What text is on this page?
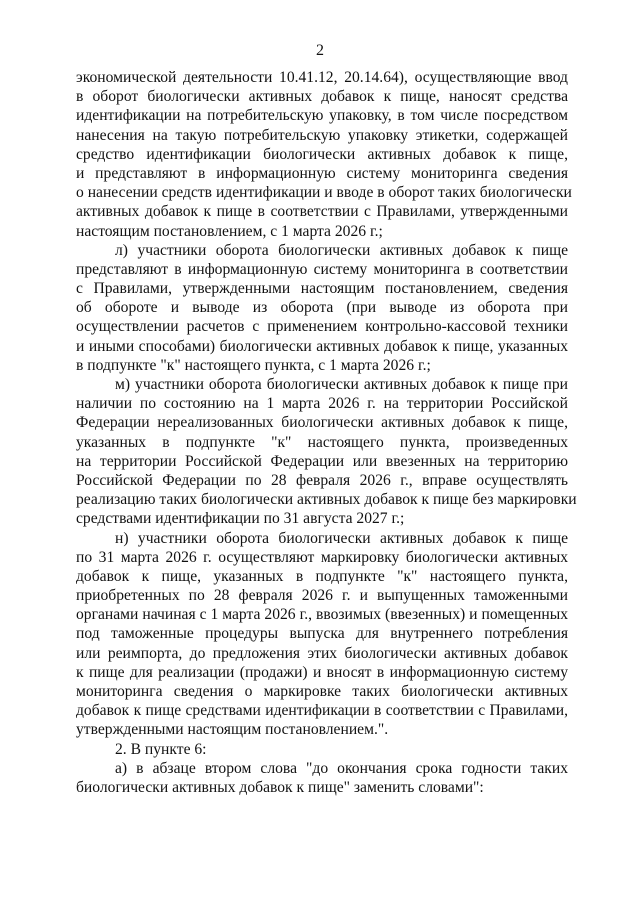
2
экономической деятельности 10.41.12, 20.14.64), осуществляющие ввод
в оборот биологически активных добавок к пище, наносят средства
идентификации на потребительскую упаковку, в том числе посредством
нанесения на такую потребительскую упаковку этикетки, содержащей
средство идентификации биологически активных добавок к пище,
и представляют в информационную систему мониторинга сведения
о нанесении средств идентификации и вводе в оборот таких биологически
активных добавок к пище в соответствии с Правилами, утвержденными
настоящим постановлением, с 1 марта 2026 г.;
л) участники оборота биологически активных добавок к пище
представляют в информационную систему мониторинга в соответствии
с Правилами, утвержденными настоящим постановлением, сведения
об обороте и выводе из оборота (при выводе из оборота при
осуществлении расчетов с применением контрольно-кассовой техники
и иными способами) биологически активных добавок к пище, указанных
в подпункте "к" настоящего пункта, с 1 марта 2026 г.;
м) участники оборота биологически активных добавок к пище при
наличии по состоянию на 1 марта 2026 г. на территории Российской
Федерации нереализованных биологически активных добавок к пище,
указанных в подпункте "к" настоящего пункта, произведенных
на территории Российской Федерации или ввезенных на территорию
Российской Федерации по 28 февраля 2026 г., вправе осуществлять
реализацию таких биологически активных добавок к пище без маркировки
средствами идентификации по 31 августа 2027 г.;
н) участники оборота биологически активных добавок к пище
по 31 марта 2026 г. осуществляют маркировку биологически активных
добавок к пище, указанных в подпункте "к" настоящего пункта,
приобретенных по 28 февраля 2026 г. и выпущенных таможенными
органами начиная с 1 марта 2026 г., ввозимых (ввезенных) и помещенных
под таможенные процедуры выпуска для внутреннего потребления
или реимпорта, до предложения этих биологически активных добавок
к пище для реализации (продажи) и вносят в информационную систему
мониторинга сведения о маркировке таких биологически активных
добавок к пище средствами идентификации в соответствии с Правилами,
утвержденными настоящим постановлением.".
2. В пункте 6:
а) в абзаце втором слова "до окончания срока годности таких
биологически активных добавок к пище" заменить словами":
